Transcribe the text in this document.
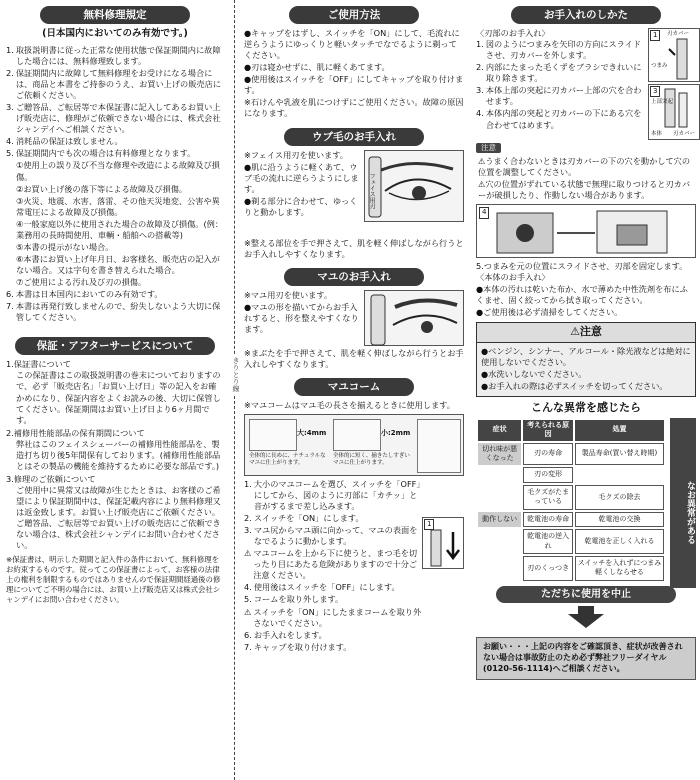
きりとり線
無料修理規定
(日本国内においてのみ有効です。)
1. 取扱説明書に従った正常な使用状態で保証期間内に故障した場合には、無料修理致します。
2. 保証期間内に故障して無料修理をお受けになる場合には、商品と本書をご持参のうえ、お買い上げの販売店にご依頼ください。
3. ご贈答品、ご転居等で本保証書に記入してあるお買い上げ販売店に、修理がご依頼できない場合には、株式会社シャンデイへご相談ください。
4. 消耗品の保証は致しません。
5. 保証期間内でも次の場合は有料修理となります。
①使用上の誤り及び不当な修理や改造による故障及び損傷。
②お買い上げ後の落下等による故障及び損傷。
③火災、地震、水害、落雷、その他天災地変、公害や異常電圧による故障及び損傷。
④一般家庭以外に使用された場合の故障及び損傷。(例：業務用の長時間使用、車輌・船舶への搭載等)
⑤本書の提示がない場合。
⑥本書にお買い上げ年月日、お客様名、販売店の記入がない場合。又は字句を書き替えられた場合。
⑦ご使用による汚れ及び刃の損傷。
6. 本書は日本国内においてのみ有効です。
7. 本書は再発行致しませんので、紛失しないよう大切に保管してください。
保証・アフターサービスについて
1.保証書について
この保証書はこの取扱説明書の巻末についておりますので、必ず「販売店名」「お買い上げ日」等の記入をお確かめになり、保証内容をよくお読みの後、大切に保管してください。保証期間はお買い上げ日より6ヶ月間です。
2.補修用性能部品の保有期間について
弊社はこのフェイスシェーバーの補修用性能部品を、製造打ち切り後5年間保有しております。(補修用性能部品とはその製品の機能を維持するために必要な部品です。)
3.修理のご依頼について
ご使用中に異常又は故障が生じたときは、お客様のご希望により保証期間中は、保証記載内容により無料修理又は返金致します。お買い上げ販売店にご依頼ください。ご贈答品、ご転居等でお買い上げの販売店にご依頼できない場合は、株式会社シャンデイにお問い合わせください。
※保証書は、明示した期間と記入件の条件において、無料修理をお約束するものです。従ってこの保証書によって、お客様の法律上の権利を制限するものではありませんので保証期間経過後の修理についてご不明の場合には、お買い上げ販売店又は株式会社シャンデイにお問い合わせください。
ご使用方法
●キャップをはずし、スイッチを「ON」にして、毛流れに逆らうようにゆっくりと軽いタッチでなでるように剃ってください。
●刃は寝かせずに、肌に軽くあてます。
●使用後はスイッチを「OFF」にしてキャップを取り付けます。
※石けんや乳液を肌につけずにご使用ください。故障の原因になります。
ウブ毛のお手入れ
※フェイス用刃を使います。
●肌に沿うように軽くあて、ウブ毛の流れに逆らうようにします。
●剃る部分に合わせて、ゆっくりと動かします。
フェイス用刃
※整える部位を手で押さえて、肌を軽く伸ばしながら行うとお手入れしやすくなります。
マユのお手入れ
※マユ用刃を使います。
●マユの形を描いてからお手入れすると、形を整えやすくなります。
※まぶたを手で押さえて、肌を軽く伸ばしながら行うとお手入れしやすくなります。
マユコーム
※マユコームはマユ毛の長さを揃えるときに使用します。
大:4mm	小:2mm
全体的に長めに、ナチュラルなマユに仕上がります。
全体的に短く、揃きたしすぎいマユに仕上がります。
1. 大小のマユコームを選び、スイッチを「OFF」にしてから、図のように刃部に「カチッ」と音がするまで差し込みます。
2. スイッチを「ON」にします。
3. マユ尻からマユ頭に向かって、マユの表面をなでるように動かします。
⚠ マユコームを上から下に使うと、まつ毛を切ったり目にあたる危険がありますので十分ご注意ください。
4. 使用後はスイッチを「OFF」にします。
5. コームを取り外します。
⚠ スイッチを「ON」にしたままコームを取り外さないでください。
6. お手入れをします。
7. キャップを取り付けます。
1
お手入れのしかた
〈刃部のお手入れ〉
1. 図のようにつまみを矢印の方向にスライドさせ、刃カバーを外します。
2. 内部にたまった毛くずをブラシできれいに取り除きます。
3. 本体上部の突起に刃カバー上部の穴を合わせます。
4. 本体内部の突起と刃カバーの下にある穴を合わせてはめます。
1	刃カバー
つまみ
3
上部突起
本体 刃カバー
注意
⚠うまく合わないときは刃カバーの下の穴を動かして穴の位置を調整してください。
⚠穴の位置がずれている状態で無理に取りつけると刃カバーが破損したり、作動しない場合があります。
4
5.つまみを元の位置にスライドさせ、刃部を固定します。
〈本体のお手入れ〉
●本体の汚れは乾いた布か、水で薄めた中性洗剤を布にふくませ、固く絞ってから拭き取ってください。
●ご使用後は必ず清掃をしてください。
⚠注意
●ベンジン、シンナー、アルコール・除光液などは絶対に使用しないでください。
●水洗いしないでください。
●お手入れの際は必ずスイッチを切ってください。
こんな異常を感じたら
症状	考えられる原因	処置
切れ味が悪くなった	刃の寿命	製品寿命(買い替え時期)
	刃の変形	
	毛クズがたまっている	毛クズの除去
動作しない	乾電池の寿命	乾電池の交換
	乾電池の逆入れ	乾電池を正しく入れる
	刃のくっつき	スイッチを入れずにつまみ軽くしならせる
なお異常がある
ただちに使用を中止
お願い・・・上記の内容をご確認頂き、症状が改善されない場合は事故防止のため必ず弊社フリーダイヤル(0120-56-1114)へご相談ください。
